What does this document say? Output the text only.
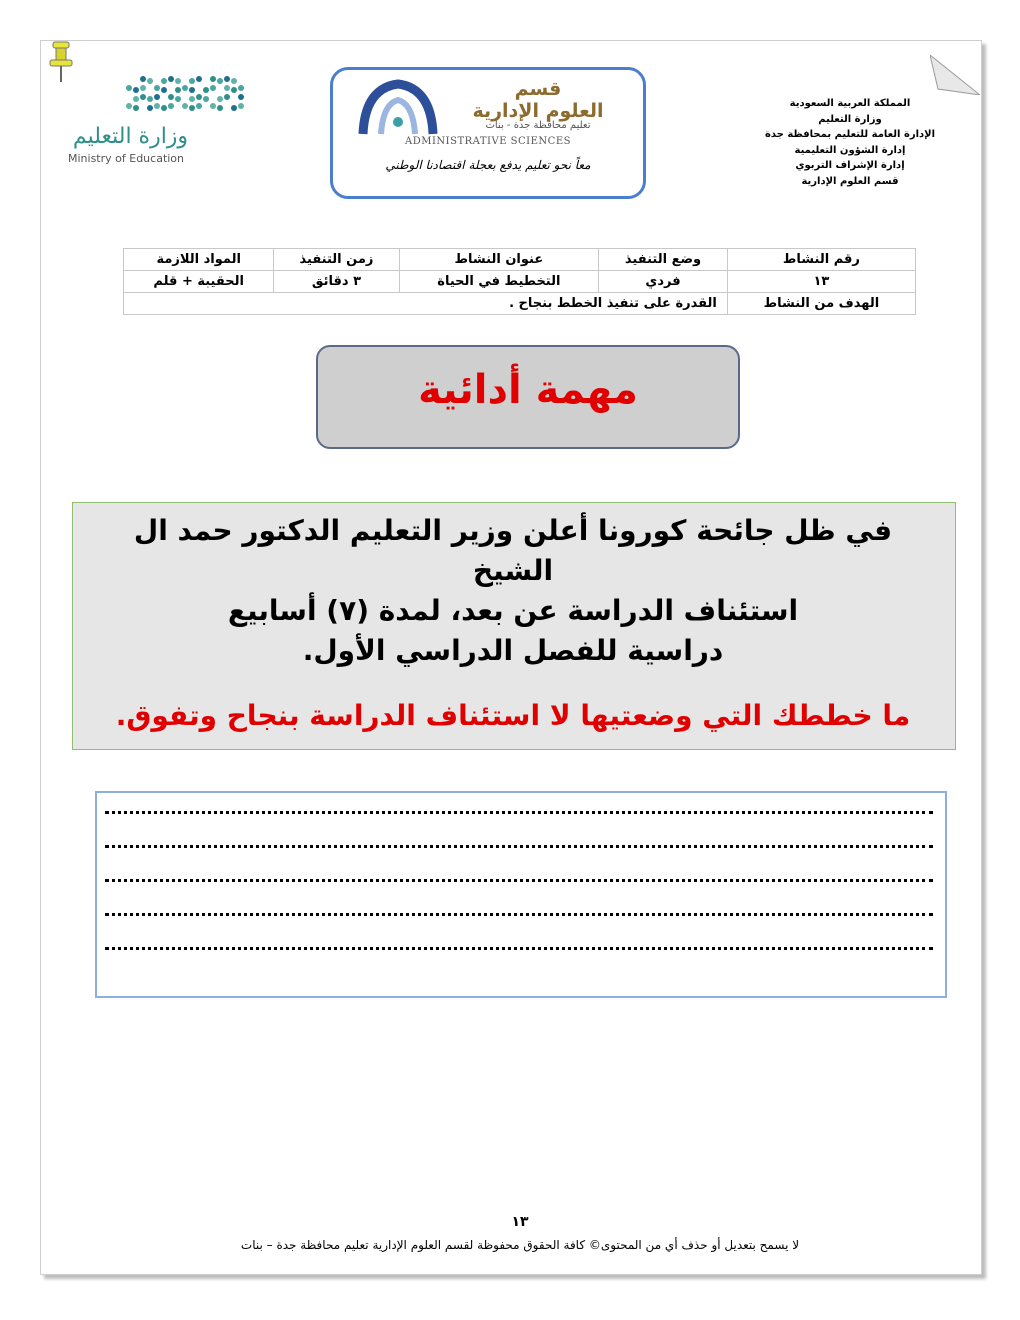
وزارة التعليم
Ministry of Education
قسم
العلوم الإدارية
تعليم محافظة جدة - بنات
ADMINISTRATIVE SCIENCES
معاً نحو تعليم يدفع بعجلة اقتصادنا الوطني
المملكة العربية السعودية
وزارة التعليم
الإدارة العامة للتعليم بمحافظة جدة
إدارة الشؤون التعليمية
إدارة الإشراف التربوي
قسم العلوم الإدارية
رقم النشاط	وضع التنفيذ	عنوان النشاط	زمن التنفيذ	المواد اللازمة
١٣	فردي	التخطيط في الحياة	٣ دقائق	الحقيبة + قلم
الهدف من النشاط	القدرة على تنفيذ الخطط بنجاح .			
مهمة أدائية
في ظل جائحة كورونا أعلن وزير التعليم الدكتور حمد ال الشيخ
استئناف الدراسة عن بعد، لمدة (٧) أسابيع
دراسية للفصل الدراسي الأول.
ما خططك التي وضعتيها لا استئناف الدراسة بنجاح وتفوق.
١٣
لا يسمح بتعديل أو حذف أي من المحتوى© كافة الحقوق محفوظة لقسم العلوم الإدارية تعليم محافظة جدة – بنات
